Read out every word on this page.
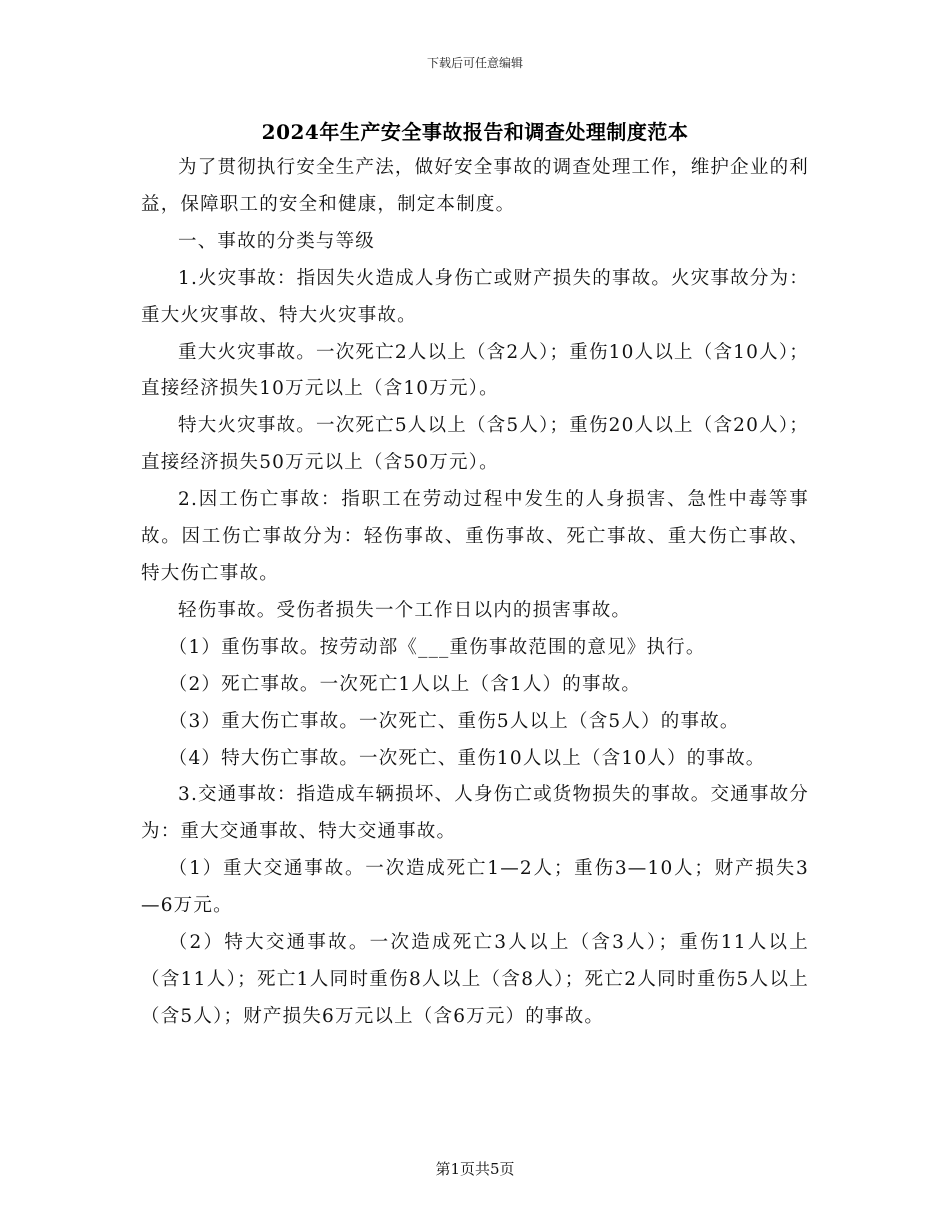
下载后可任意编辑
2024年生产安全事故报告和调查处理制度范本

为了贯彻执行安全生产法，做好安全事故的调查处理工作，维护企业的利益，保障职工的安全和健康，制定本制度。

一、事故的分类与等级

1.火灾事故：指因失火造成人身伤亡或财产损失的事故。火灾事故分为：重大火灾事故、特大火灾事故。

重大火灾事故。一次死亡2人以上（含2人）；重伤10人以上（含10人）；直接经济损失10万元以上（含10万元）。

特大火灾事故。一次死亡5人以上（含5人）；重伤20人以上（含20人）；直接经济损失50万元以上（含50万元）。

2.因工伤亡事故：指职工在劳动过程中发生的人身损害、急性中毒等事故。因工伤亡事故分为：轻伤事故、重伤事故、死亡事故、重大伤亡事故、特大伤亡事故。

轻伤事故。受伤者损失一个工作日以内的损害事故。

（1）重伤事故。按劳动部《___重伤事故范围的意见》执行。

（2）死亡事故。一次死亡1人以上（含1人）的事故。

（3）重大伤亡事故。一次死亡、重伤5人以上（含5人）的事故。

（4）特大伤亡事故。一次死亡、重伤10人以上（含10人）的事故。

3.交通事故：指造成车辆损坏、人身伤亡或货物损失的事故。交通事故分为：重大交通事故、特大交通事故。

（1）重大交通事故。一次造成死亡1—2人；重伤3—10人；财产损失3—6万元。

（2）特大交通事故。一次造成死亡3人以上（含3人）；重伤11人以上（含11人）；死亡1人同时重伤8人以上（含8人）；死亡2人同时重伤5人以上（含5人）；财产损失6万元以上（含6万元）的事故。

第1页共5页
